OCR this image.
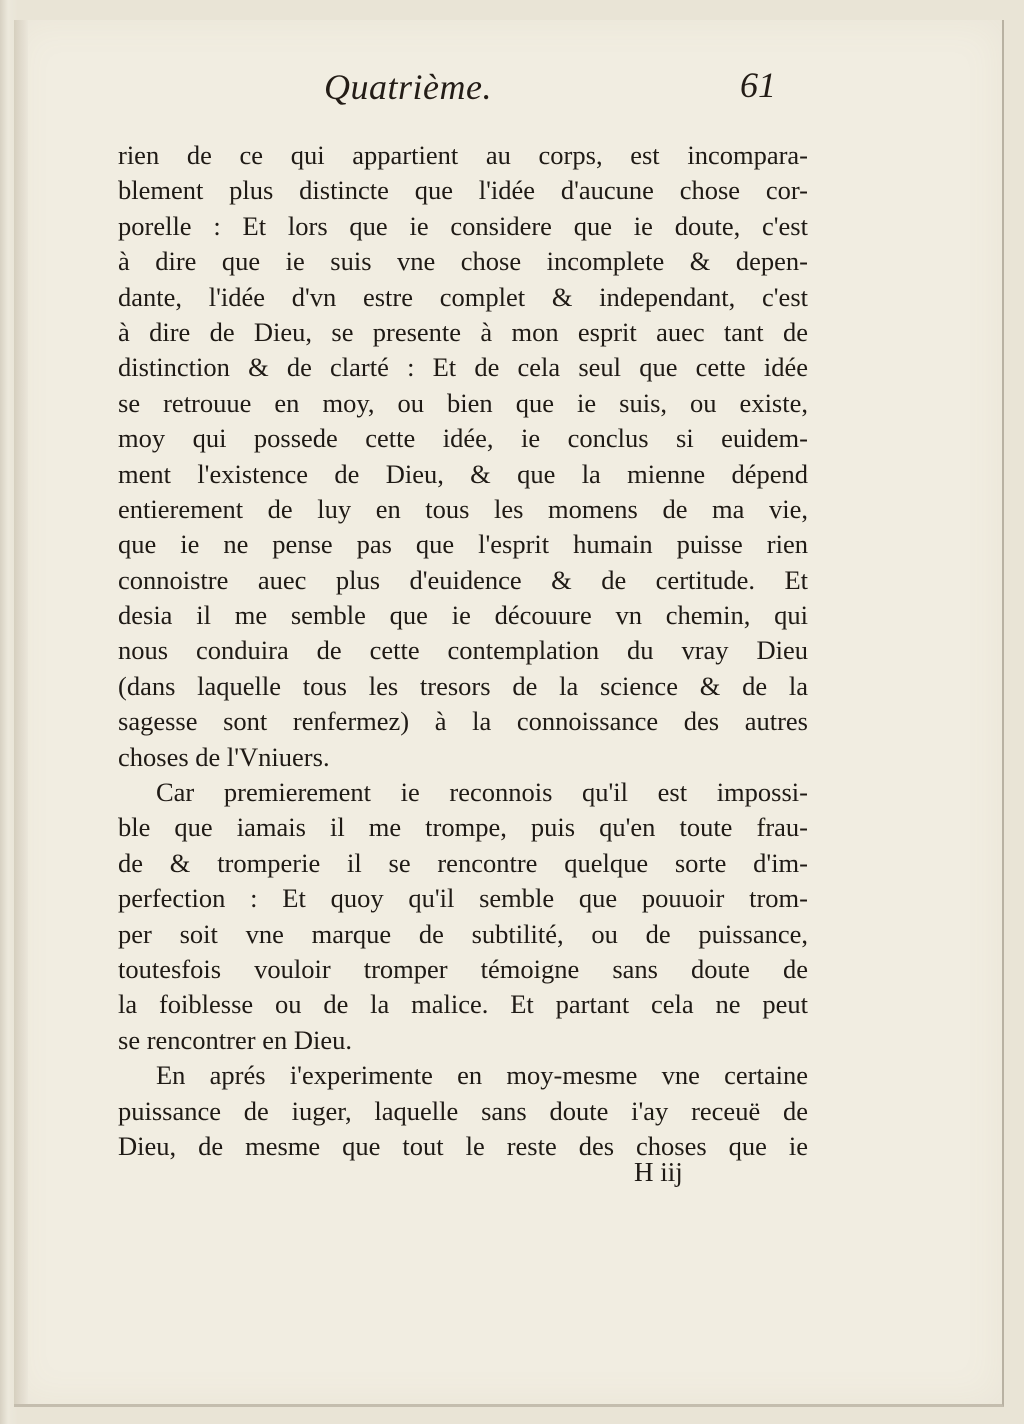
Quatrième.	61
rien de ce qui appartient au corps, est incompara-
blement plus distincte que l'idée d'aucune chose cor-
porelle : Et lors que ie considere que ie doute, c'est
à dire que ie suis vne chose incomplete & depen-
dante, l'idée d'vn estre complet & independant, c'est
à dire de Dieu, se presente à mon esprit auec tant de
distinction & de clarté : Et de cela seul que cette idée
se retrouue en moy, ou bien que ie suis, ou existe,
moy qui possede cette idée, ie conclus si euidem-
ment l'existence de Dieu, & que la mienne dépend
entierement de luy en tous les momens de ma vie,
que ie ne pense pas que l'esprit humain puisse rien
connoistre auec plus d'euidence & de certitude. Et
desia il me semble que ie découure vn chemin, qui
nous conduira de cette contemplation du vray Dieu
(dans laquelle tous les tresors de la science & de la
sagesse sont renfermez) à la connoissance des autres
choses de l'Vniuers.
Car premierement ie reconnois qu'il est impossi-
ble que iamais il me trompe, puis qu'en toute frau-
de & tromperie il se rencontre quelque sorte d'im-
perfection : Et quoy qu'il semble que pouuoir trom-
per soit vne marque de subtilité, ou de puissance,
toutesfois vouloir tromper témoigne sans doute de
la foiblesse ou de la malice. Et partant cela ne peut
se rencontrer en Dieu.
En aprés i'experimente en moy-mesme vne certaine
puissance de iuger, laquelle sans doute i'ay receuë de
Dieu, de mesme que tout le reste des choses que ie
H iij
